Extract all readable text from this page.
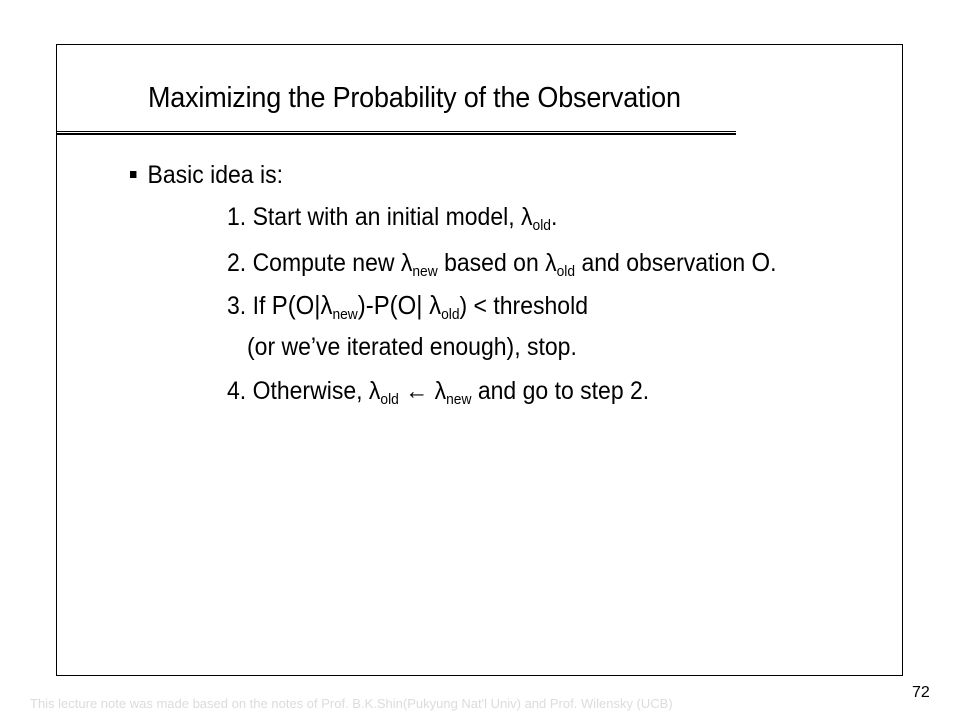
Maximizing the Probability of the Observation
Basic idea is:
1. Start with an initial model, $\lambda_{old}$.
2. Compute new $\lambda_{new}$ based on $\lambda_{old}$ and observation O.
3. If $P(O|\lambda_{new})-P(O|$ $\lambda_{old}$) < threshold
(or we’ve iterated enough), stop.
4. Otherwise, $\lambda_{old}$ ← $\lambda_{new}$ and go to step 2.
This lecture note was made based on the notes of Prof. B.K.Shin(Pukyung Nat'l Univ) and Prof. Wilensky (UCB)
72
